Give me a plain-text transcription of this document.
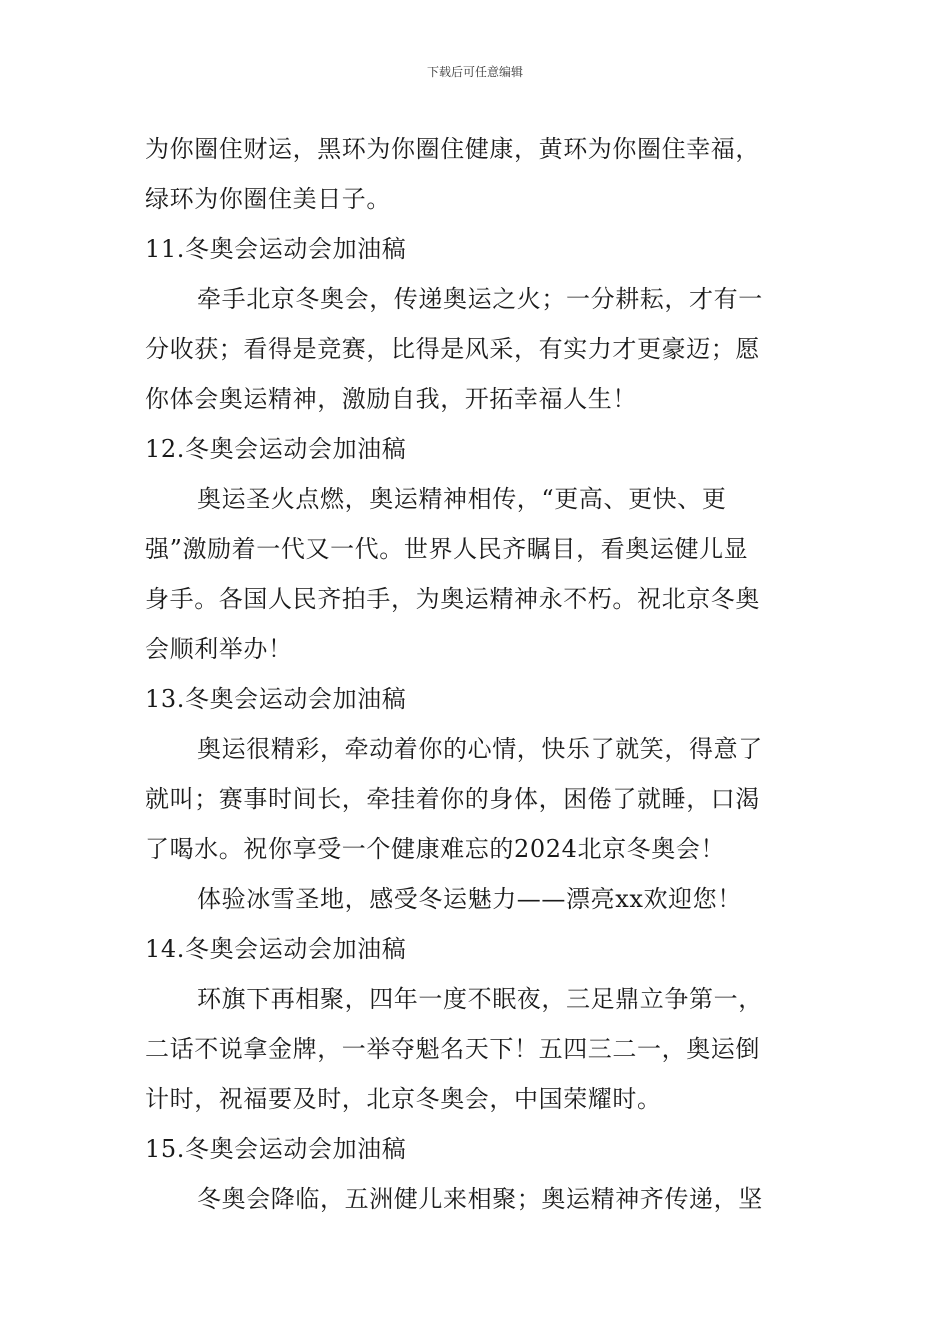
下载后可任意编辑
为你圈住财运，黑环为你圈住健康，黄环为你圈住幸福，
绿环为你圈住美日子。
11.冬奥会运动会加油稿
牵手北京冬奥会，传递奥运之火；一分耕耘，才有一
分收获；看得是竞赛，比得是风采，有实力才更豪迈；愿
你体会奥运精神，激励自我，开拓幸福人生！
12.冬奥会运动会加油稿
奥运圣火点燃，奥运精神相传，“更高、更快、更
强”激励着一代又一代。世界人民齐瞩目，看奥运健儿显
身手。各国人民齐拍手，为奥运精神永不朽。祝北京冬奥
会顺利举办！
13.冬奥会运动会加油稿
奥运很精彩，牵动着你的心情，快乐了就笑，得意了
就叫；赛事时间长，牵挂着你的身体，困倦了就睡，口渴
了喝水。祝你享受一个健康难忘的2024北京冬奥会！
体验冰雪圣地，感受冬运魅力——漂亮xx欢迎您！
14.冬奥会运动会加油稿
环旗下再相聚，四年一度不眠夜，三足鼎立争第一，
二话不说拿金牌，一举夺魁名天下！五四三二一，奥运倒
计时，祝福要及时，北京冬奥会，中国荣耀时。
15.冬奥会运动会加油稿
冬奥会降临，五洲健儿来相聚；奥运精神齐传递，坚
